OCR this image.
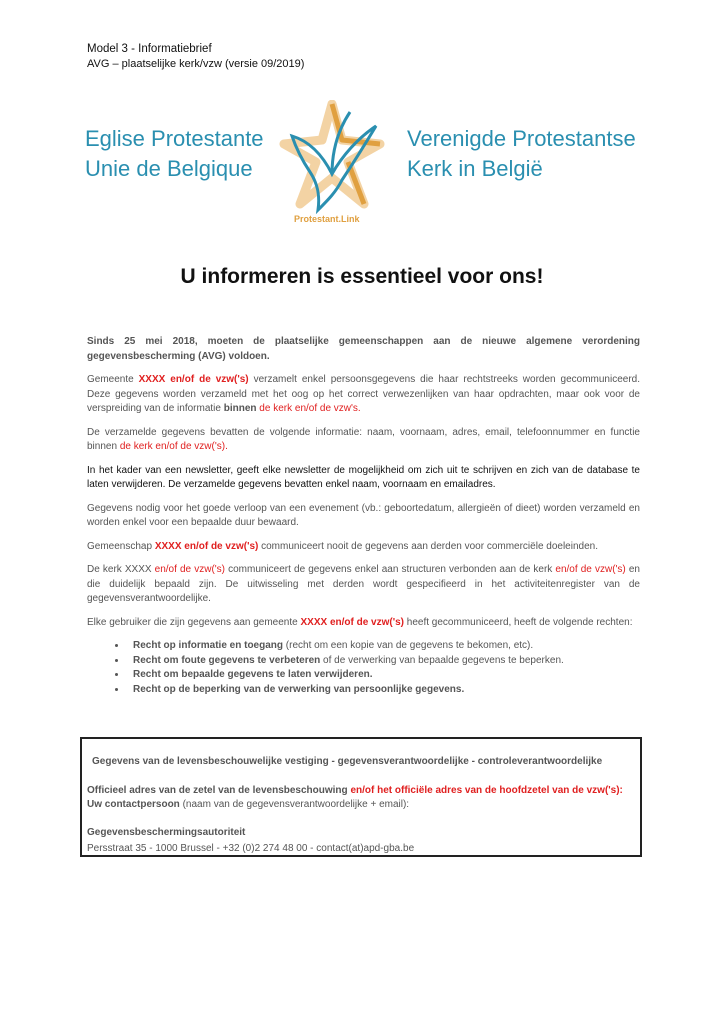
Model 3 - Informatiebrief
AVG – plaatselijke kerk/vzw (versie 09/2019)
Eglise Protestante
Unie de Belgique
Protestant.Link
Verenigde Protestantse
Kerk in België
U informeren is essentieel voor ons!

Sinds 25 mei 2018, moeten de plaatselijke gemeenschappen aan de nieuwe algemene verordening gegevensbescherming (AVG) voldoen.

Gemeente XXXX en/of de vzw('s) verzamelt enkel persoonsgegevens die haar rechtstreeks worden gecommuniceerd. Deze gegevens worden verzameld met het oog op het correct verwezenlijken van haar opdrachten, maar ook voor de verspreiding van de informatie binnen de kerk en/of de vzw's.

De verzamelde gegevens bevatten de volgende informatie: naam, voornaam, adres, email, telefoonnummer en functie binnen de kerk en/of de vzw('s).

In het kader van een newsletter, geeft elke newsletter de mogelijkheid om zich uit te schrijven en zich van de database te laten verwijderen. De verzamelde gegevens bevatten enkel naam, voornaam en emailadres.

Gegevens nodig voor het goede verloop van een evenement (vb.: geboortedatum, allergieën of dieet) worden verzameld en worden enkel voor een bepaalde duur bewaard.

Gemeenschap XXXX en/of de vzw('s) communiceert nooit de gegevens aan derden voor commerciële doeleinden.

De kerk XXXX en/of de vzw('s) communiceert de gegevens enkel aan structuren verbonden aan de kerk en/of de vzw('s) en die duidelijk bepaald zijn. De uitwisseling met derden wordt gespecifieerd in het activiteitenregister van de gegevensverantwoordelijke.

Elke gebruiker die zijn gegevens aan gemeente XXXX en/of de vzw('s) heeft gecommuniceerd, heeft de volgende rechten:

• Recht op informatie en toegang (recht om een kopie van de gegevens te bekomen, etc).
• Recht om foute gegevens te verbeteren of de verwerking van bepaalde gegevens te beperken.
• Recht om bepaalde gegevens te laten verwijderen.
• Recht op de beperking van de verwerking van persoonlijke gegevens.
Gegevens van de levensbeschouwelijke vestiging - gegevensverantwoordelijke - controleverantwoordelijke
Officieel adres van de zetel van de levensbeschouwing en/of het officiële adres van de hoofdzetel van de vzw('s):
Uw contactpersoon (naam van de gegevensverantwoordelijke + email):
Gegevensbeschermingsautoriteit
Persstraat 35 - 1000 Brussel - +32 (0)2 274 48 00 - contact(at)apd-gba.be
